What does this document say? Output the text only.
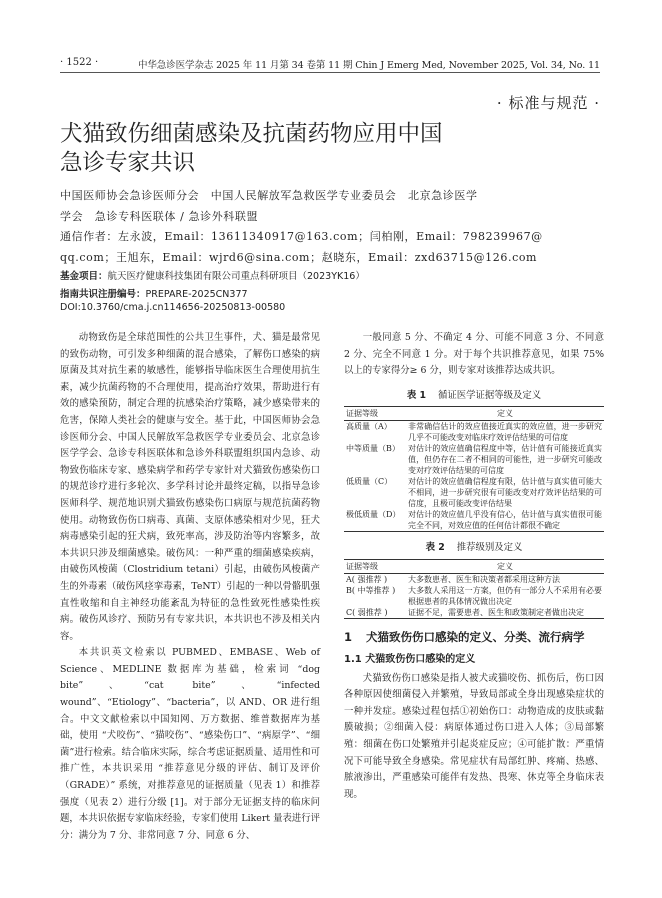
· 1522 ·	中华急诊医学杂志 2025 年 11 月第 34 卷第 11 期 Chin J Emerg Med, November 2025, Vol. 34, No. 11
· 标准与规范 ·
犬猫致伤细菌感染及抗菌药物应用中国
急诊专家共识
中国医师协会急诊医师分会　中国人民解放军急救医学专业委员会　北京急诊医学
学会　急诊专科医联体 / 急诊外科联盟
通信作者：左永波，Email：13611340917@163.com；闫柏刚，Email：798239967@
qq.com；王旭东，Email：wjrd6@sina.com；赵晓东，Email：zxd63715@126.com
基金项目：航天医疗健康科技集团有限公司重点科研项目（2023YK16）
指南共识注册编号：PREPARE-2025CN377
DOI:10.3760/cma.j.cn114656-20250813-00580

动物致伤是全球范围性的公共卫生事件，犬、猫是最常见的致伤动物，可引发多种细菌的混合感染，了解伤口感染的病原菌及其对抗生素的敏感性，能够指导临床医生合理使用抗生素，减少抗菌药物的不合理使用，提高治疗效果，帮助进行有效的感染预防，制定合理的抗感染治疗策略，减少感染带来的危害，保障人类社会的健康与安全。基于此，中国医师协会急诊医师分会、中国人民解放军急救医学专业委员会、北京急诊医学学会、急诊专科医联体和急诊外科联盟组织国内急诊、动物致伤临床专家、感染病学和药学专家针对犬猫致伤感染伤口的规范诊疗进行多轮次、多学科讨论并最终定稿，以指导急诊医师科学、规范地识别犬猫致伤感染伤口病原与规范抗菌药物使用。动物致伤伤口病毒、真菌、支原体感染相对少见，狂犬病毒感染引起的狂犬病，致死率高，涉及防治等内容繁多，故本共识只涉及细菌感染。破伤风：一种严重的细菌感染疾病，由破伤风梭菌（Clostridium tetani）引起，由破伤风梭菌产生的外毒素（破伤风痉挛毒素，TeNT）引起的一种以骨骼肌强直性收缩和自主神经功能紊乱为特征的急性致死性感染性疾病。破伤风诊疗、预防另有专家共识，本共识也不涉及相关内容。

本共识英文检索以 PUBMED、EMBASE、Web of Science、MEDLINE 数据库为基础，检索词 “dog bite”、“cat bite”、“infected wound”、“Etiology”、“bacteria”，以 AND、OR 进行组合。中文文献检索以中国知网、万方数据、维普数据库为基础，使用 “犬咬伤”、“猫咬伤”、“感染伤口”、“病原学”、“细菌”进行检索。结合临床实际，综合考虑证据质量、适用性和可推广性，本共识采用 “推荐意见分级的评估、制订及评价（GRADE）” 系统，对推荐意见的证据质量（见表 1）和推荐强度（见表 2）进行分级 [1]。对于部分无证据支持的临床问题，本共识依据专家临床经验，专家们使用 Likert 量表进行评分：满分为 7 分、非常同意 7 分、同意 6 分、

一般同意 5 分、不确定 4 分、可能不同意 3 分、不同意 2 分、完全不同意 1 分。对于每个共识推荐意见，如果 75% 以上的专家得分≥ 6 分，则专家对该推荐达成共识。

表 1 循证医学证据等级及定义
证据等级	定义
高质量（A）	非常确信估计的效应值接近真实的效应值，进一步研究几乎不可能改变对临床疗效评估结果的可信度
中等质量（B）	对估计的效应值确信程度中等，估计值有可能接近真实值，但仍存在二者不相同的可能性，进一步研究可能改变对疗效评估结果的可信度
低质量（C）	对估计的效应值确信程度有限，估计值与真实值可能大不相同，进一步研究很有可能改变对疗效评估结果的可信度，且极可能改变评估结果
极低质量（D）	对估计的效应值几乎没有信心，估计值与真实值很可能完全不同，对效应值的任何估计都很不确定
表 2 推荐级别及定义
证据等级	定义
A( 强推荐 )	大多数患者、医生和决策者都采用这种方法
B( 中等推荐 )	大多数人采用这一方案，但仍有一部分人不采用有必要根据患者的具体情况做出决定
C( 弱推荐 )	证据不足，需要患者、医生和政策制定者做出决定
1	犬猫致伤伤口感染的定义、分类、流行病学
1.1 犬猫致伤伤口感染的定义

犬猫致伤伤口感染是指人被犬或猫咬伤、抓伤后，伤口因各种原因使细菌侵入并繁殖，导致局部或全身出现感染症状的一种并发症。感染过程包括①初始伤口：动物造成的皮肤或黏膜破损；②细菌入侵：病原体通过伤口进入人体；③局部繁殖：细菌在伤口处繁殖并引起炎症反应；④可能扩散：严重情况下可能导致全身感染。常见症状有局部红肿、疼痛、热感、脓液渗出，严重感染可能伴有发热、畏寒、休克等全身临床表现。
